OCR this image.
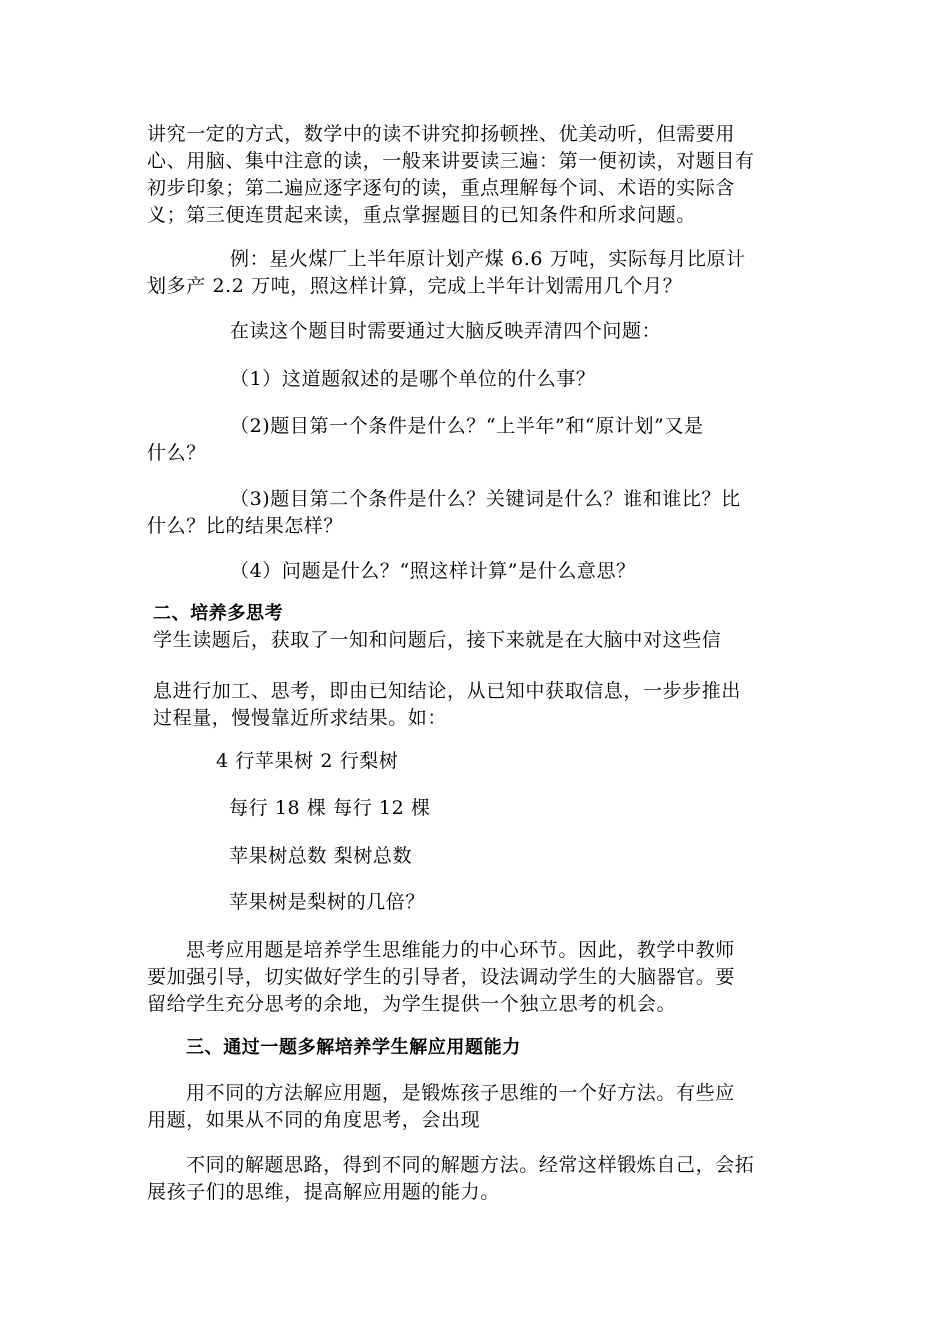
讲究一定的方式，数学中的读不讲究抑扬顿挫、优美动听，但需要用
心、用脑、集中注意的读，一般来讲要读三遍：第一便初读，对题目有
初步印象；第二遍应逐字逐句的读，重点理解每个词、术语的实际含
义；第三便连贯起来读，重点掌握题目的已知条件和所求问题。
例：星火煤厂上半年原计划产煤 6.6 万吨，实际每月比原计
划多产 2.2 万吨，照这样计算，完成上半年计划需用几个月？
在读这个题目时需要通过大脑反映弄清四个问题：
（1）这道题叙述的是哪个单位的什么事？
（2)题目第一个条件是什么？“上半年”和“原计划”又是
什么？
（3)题目第二个条件是什么？关键词是什么？谁和谁比？比
什么？比的结果怎样？
（4）问题是什么？“照这样计算”是什么意思？
二、培养多思考
学生读题后，获取了一知和问题后，接下来就是在大脑中对这些信
息进行加工、思考，即由已知结论，从已知中获取信息，一步步推出
过程量，慢慢靠近所求结果。如：
4 行苹果树 2 行梨树
每行 18 棵 每行 12 棵
苹果树总数 梨树总数
苹果树是梨树的几倍？
思考应用题是培养学生思维能力的中心环节。因此，教学中教师
要加强引导，切实做好学生的引导者，设法调动学生的大脑器官。要
留给学生充分思考的余地，为学生提供一个独立思考的机会。
三、通过一题多解培养学生解应用题能力
用不同的方法解应用题，是锻炼孩子思维的一个好方法。有些应
用题，如果从不同的角度思考，会出现
不同的解题思路，得到不同的解题方法。经常这样锻炼自己，会拓
展孩子们的思维，提高解应用题的能力。
